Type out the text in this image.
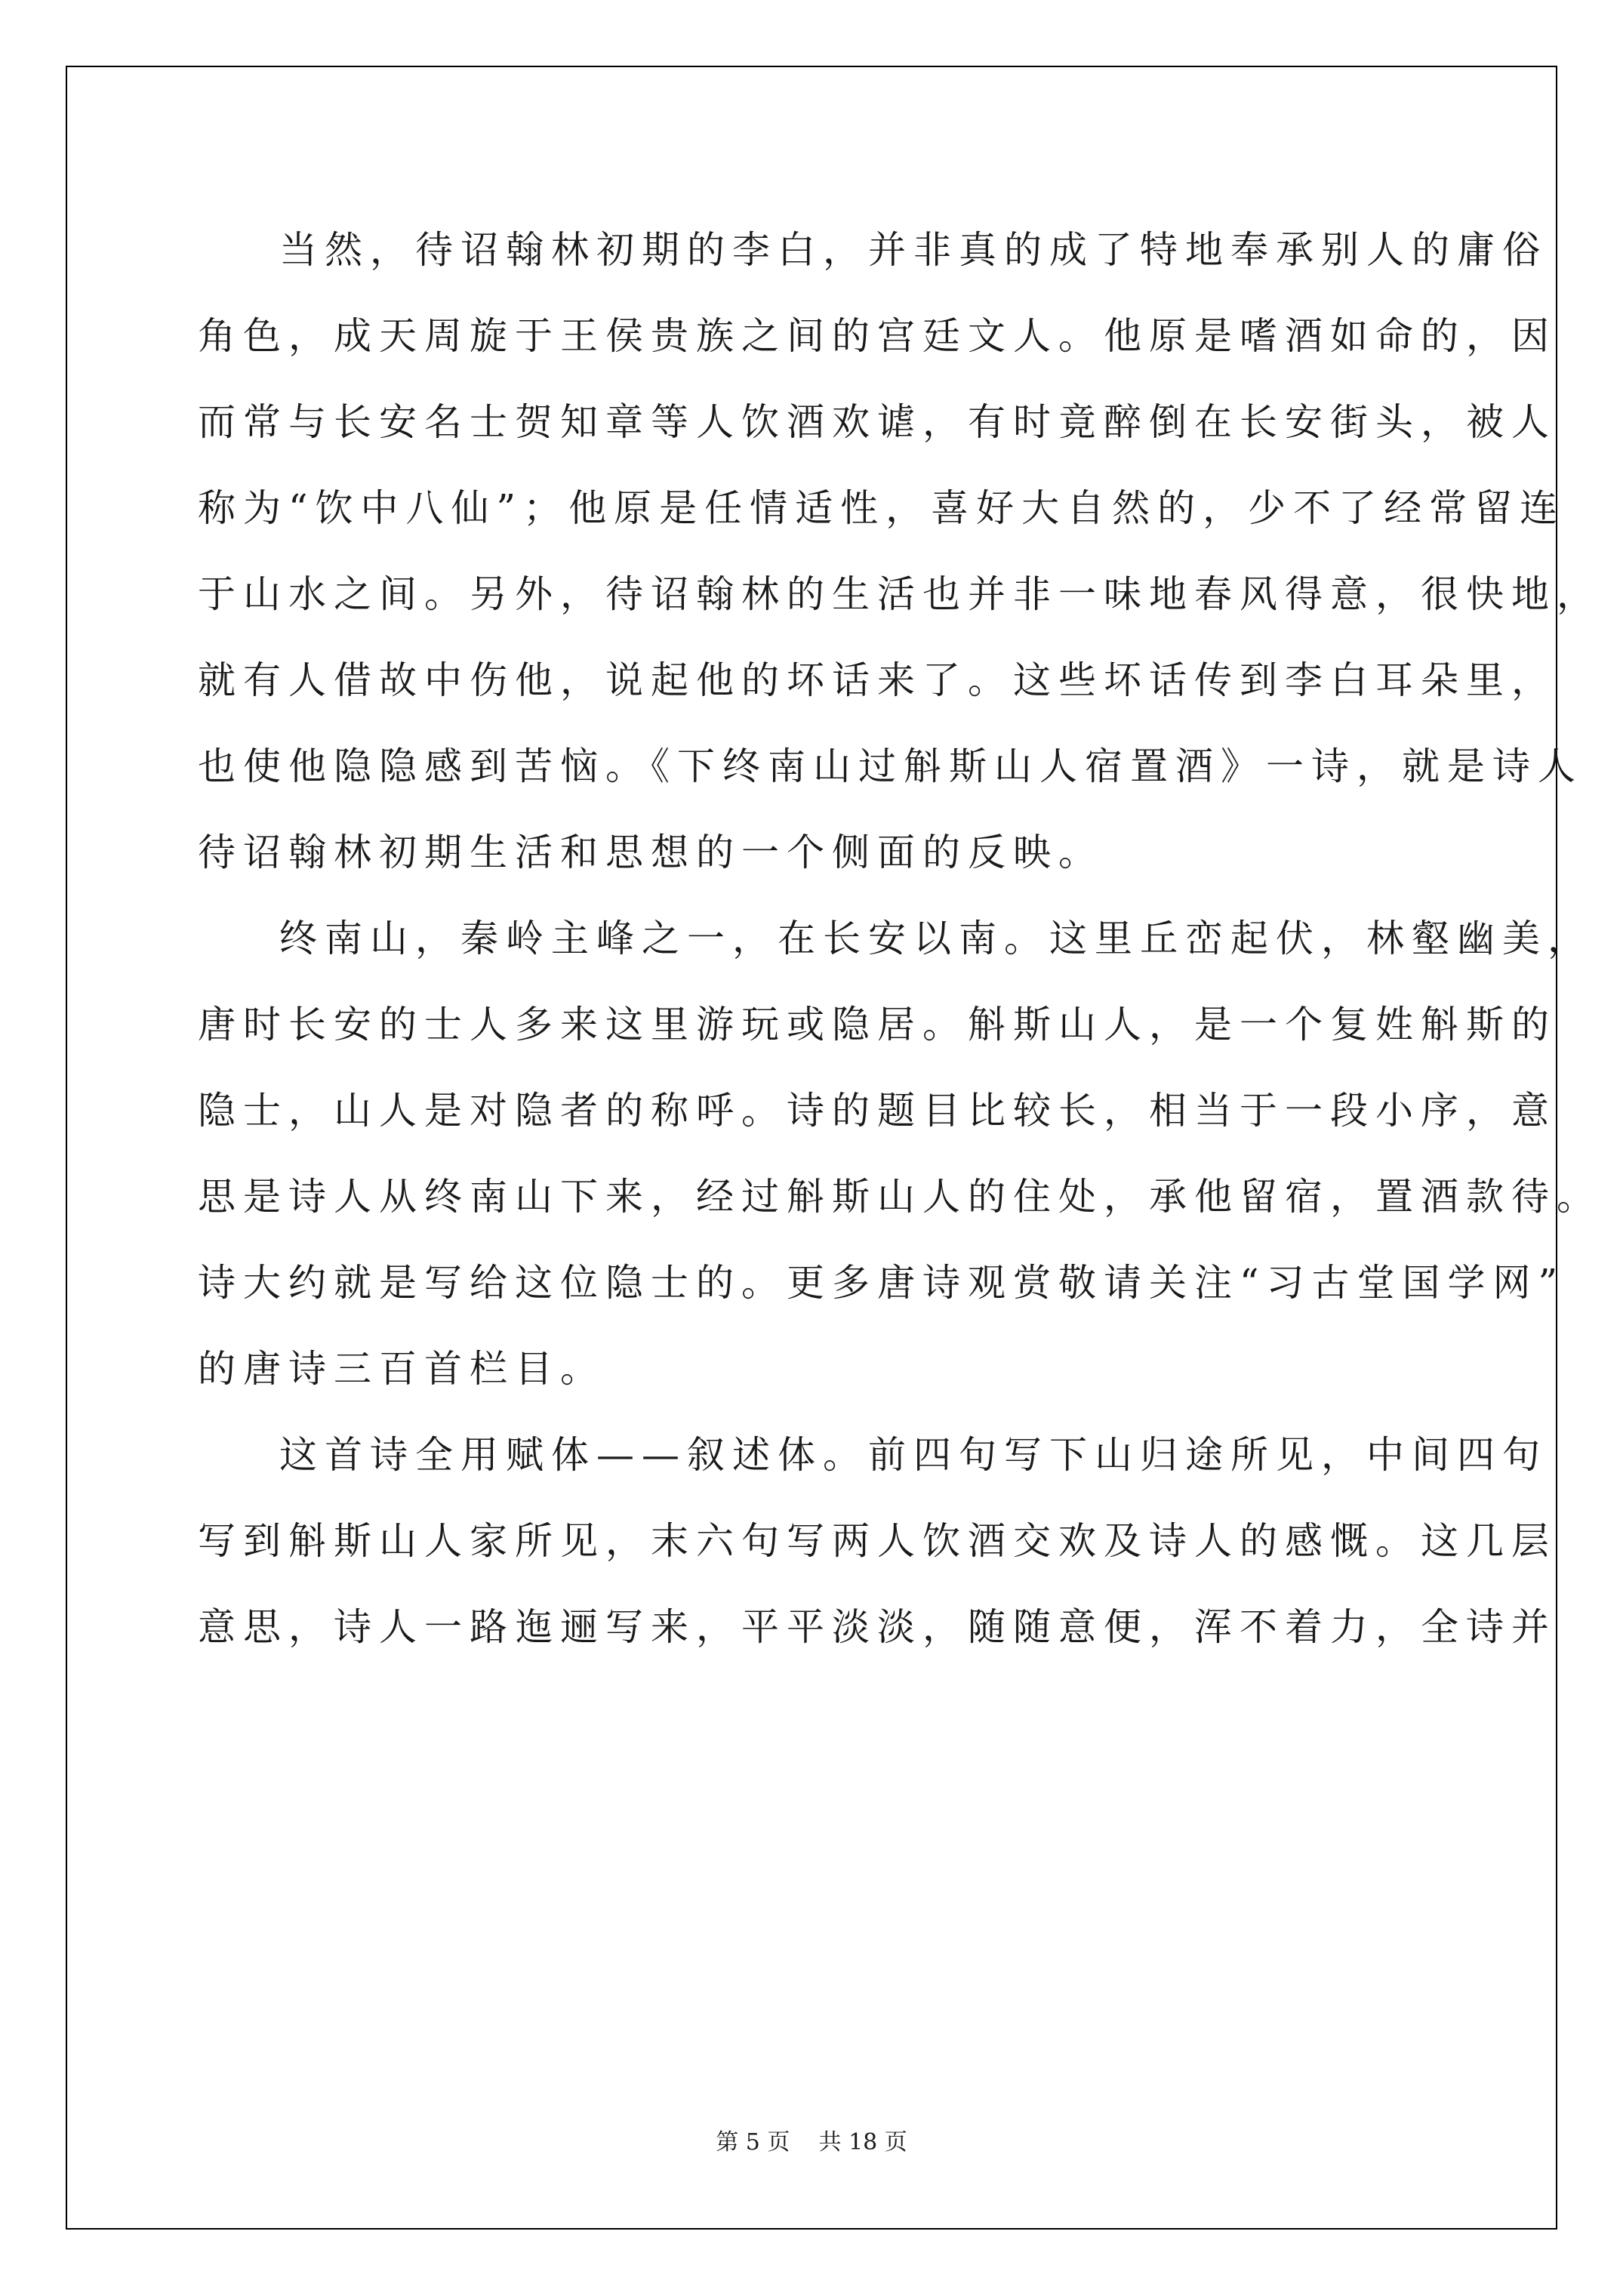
当然，待诏翰林初期的李白，并非真的成了特地奉承别人的庸俗
角色，成天周旋于王侯贵族之间的宫廷文人。他原是嗜酒如命的，因
而常与长安名士贺知章等人饮酒欢谑，有时竟醉倒在长安街头，被人
称为“饮中八仙”；他原是任情适性，喜好大自然的，少不了经常留连
于山水之间。另外，待诏翰林的生活也并非一味地春风得意，很快地，
就有人借故中伤他，说起他的坏话来了。这些坏话传到李白耳朵里，
也使他隐隐感到苦恼。《下终南山过斛斯山人宿置酒》一诗，就是诗人
待诏翰林初期生活和思想的一个侧面的反映。
终南山，秦岭主峰之一，在长安以南。这里丘峦起伏，林壑幽美，
唐时长安的士人多来这里游玩或隐居。斛斯山人，是一个复姓斛斯的
隐士，山人是对隐者的称呼。诗的题目比较长，相当于一段小序，意
思是诗人从终南山下来，经过斛斯山人的住处，承他留宿，置酒款待。
诗大约就是写给这位隐士的。更多唐诗观赏敬请关注“习古堂国学网”
的唐诗三百首栏目。
这首诗全用赋体——叙述体。前四句写下山归途所见，中间四句
写到斛斯山人家所见，末六句写两人饮酒交欢及诗人的感慨。这几层
意思，诗人一路迤逦写来，平平淡淡，随随意便，浑不着力，全诗并
第 5 页 共 18 页
